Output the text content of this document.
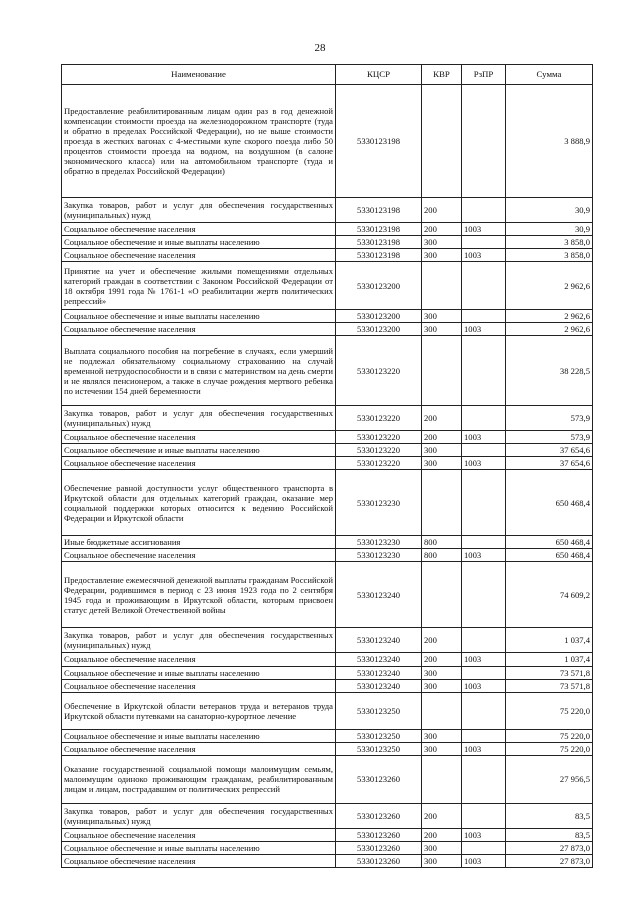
28
Наименование	КЦСР	КВР	РзПР	Сумма
Предоставление реабилитированным лицам один раз в год денежной компенсации стоимости проезда на железнодорожном транспорте (туда и обратно в пределах Российской Федерации), но не выше стоимости проезда в жестких вагонах с 4-местными купе скорого поезда либо 50 процентов стоимости проезда на водном, на воздушном (в салоне экономического класса) или на автомобильном транспорте (туда и обратно в пределах Российской Федерации)	5330123198			3 888,9
Закупка товаров, работ и услуг для обеспечения государственных (муниципальных) нужд	5330123198	200		30,9
Социальное обеспечение населения	5330123198	200	1003	30,9
Социальное обеспечение и иные выплаты населению	5330123198	300		3 858,0
Социальное обеспечение населения	5330123198	300	1003	3 858,0
Принятие на учет и обеспечение жилыми помещениями отдельных категорий граждан в соответствии с Законом Российской Федерации от 18 октября 1991 года № 1761-1 «О реабилитации жертв политических репрессий»	5330123200			2 962,6
Социальное обеспечение и иные выплаты населению	5330123200	300		2 962,6
Социальное обеспечение населения	5330123200	300	1003	2 962,6
Выплата социального пособия на погребение в случаях, если умерший не подлежал обязательному социальному страхованию на случай временной нетрудоспособности и в связи с материнством на день смерти и не являлся пенсионером, а также в случае рождения мертвого ребенка по истечении 154 дней беременности	5330123220			38 228,5
Закупка товаров, работ и услуг для обеспечения государственных (муниципальных) нужд	5330123220	200		573,9
Социальное обеспечение населения	5330123220	200	1003	573,9
Социальное обеспечение и иные выплаты населению	5330123220	300		37 654,6
Социальное обеспечение населения	5330123220	300	1003	37 654,6
Обеспечение равной доступности услуг общественного транспорта в Иркутской области для отдельных категорий граждан, оказание мер социальной поддержки которых относится к ведению Российской Федерации и Иркутской области	5330123230			650 468,4
Иные бюджетные ассигнования	5330123230	800		650 468,4
Социальное обеспечение населения	5330123230	800	1003	650 468,4
Предоставление ежемесячной денежной выплаты гражданам Российской Федерации, родившимся в период с 23 июня 1923 года по 2 сентября 1945 года и проживающим в Иркутской области, которым присвоен статус детей Великой Отечественной войны	5330123240			74 609,2
Закупка товаров, работ и услуг для обеспечения государственных (муниципальных) нужд	5330123240	200		1 037,4
Социальное обеспечение населения	5330123240	200	1003	1 037,4
Социальное обеспечение и иные выплаты населению	5330123240	300		73 571,8
Социальное обеспечение населения	5330123240	300	1003	73 571,8
Обеспечение в Иркутской области ветеранов труда и ветеранов труда Иркутской области путевками на санаторно-курортное лечение	5330123250			75 220,0
Социальное обеспечение и иные выплаты населению	5330123250	300		75 220,0
Социальное обеспечение населения	5330123250	300	1003	75 220,0
Оказание государственной социальной помощи малоимущим семьям, малоимущим одиноко проживающим гражданам, реабилитированным лицам и лицам, пострадавшим от политических репрессий	5330123260			27 956,5
Закупка товаров, работ и услуг для обеспечения государственных (муниципальных) нужд	5330123260	200		83,5
Социальное обеспечение населения	5330123260	200	1003	83,5
Социальное обеспечение и иные выплаты населению	5330123260	300		27 873,0
Социальное обеспечение населения	5330123260	300	1003	27 873,0
